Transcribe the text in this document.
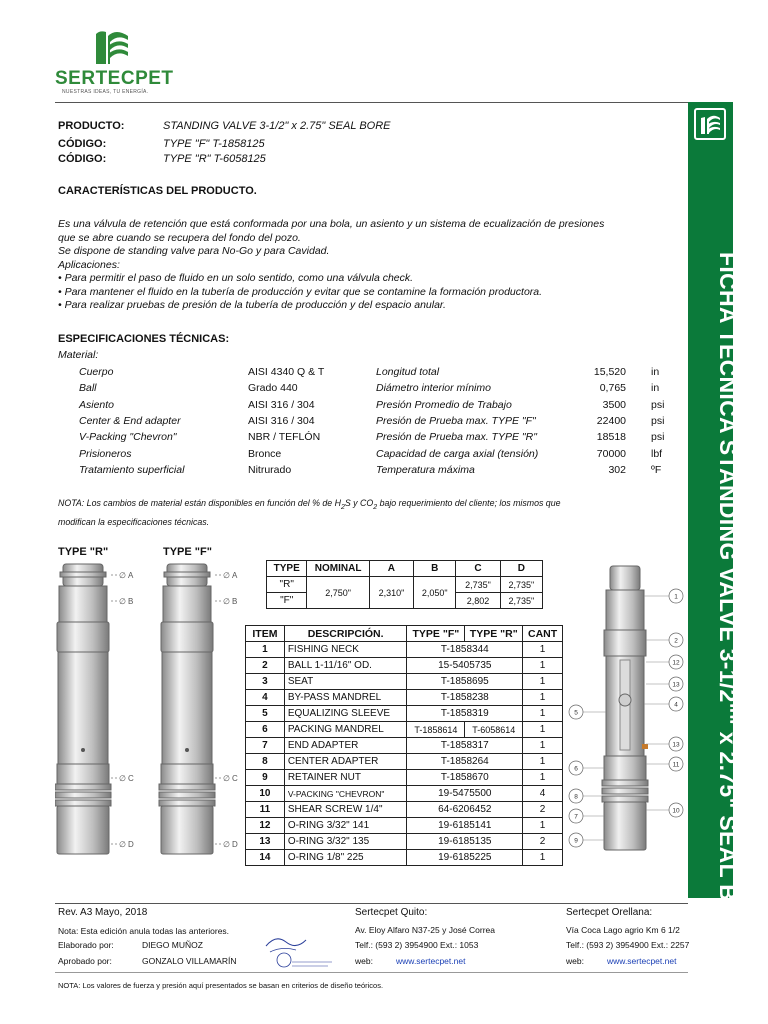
SERTECPET
NUESTRAS IDEAS, TU ENERGÍA.
FICHA TÉCNICA STANDING VALVE 3-1/2"" x 2.75" SEAL BORE
PRODUCTO:	STANDING VALVE 3-1/2" x 2.75" SEAL BORE
CÓDIGO:	TYPE "F" T-1858125
CÓDIGO:	TYPE "R" T-6058125
CARACTERÍSTICAS DEL PRODUCTO.
Es una válvula de retención que está conformada por una bola, un asiento y un sistema de ecualización de presiones
que se abre cuando se recupera del fondo del pozo.
Se dispone de standing valve para No-Go y para Cavidad.
Aplicaciones:
• Para permitir el paso de fluido en un solo sentido, como una válvula check.
• Para mantener el fluido en la tubería de producción y evitar que se contamine la formación productora.
• Para realizar pruebas de presión de la tubería de producción y del espacio anular.
ESPECIFICACIONES TÉCNICAS:
Material:
Cuerpo	AISI 4340 Q & T	Longitud total	15,520 in
Ball	Grado 440	Diámetro interior mínimo	0,765 in
Asiento	AISI 316 / 304	Presión Promedio de Trabajo	3500 psi
Center & End adapter	AISI 316 / 304	Presión de Prueba max. TYPE "F"	22400 psi
V-Packing "Chevron"	NBR / TEFLÓN	Presión de Prueba max. TYPE "R"	18518 psi
Prisioneros	Bronce	Capacidad de carga axial (tensión)	70000 lbf
Tratamiento superficial	Nitrurado	Temperatura máxima	302 ºF
NOTA: Los cambios de material están disponibles en función del % de $H_2S$ y $CO_2$ bajo requerimiento del cliente; los mismos que
modifican la especificaciones técnicas.
TYPE "R"	TYPE "F"
∅ A
∅ B
∅ C
∅ D
∅ A
∅ B
∅ C
∅ D
TYPE	NOMINAL	A	B	C	D
"R"	2,750"	2,310"	2,050"	2,735"	2,735"
"F"				2,802	2,735"
ITEM	DESCRIPCIÓN.	TYPE "F"	TYPE "R"	CANT
1	FISHING NECK	T-1858344		1
2	BALL 1-11/16" OD.	15-5405735		1
3	SEAT	T-1858695		1
4	BY-PASS MANDREL	T-1858238		1
5	EQUALIZING SLEEVE	T-1858319		1
6	PACKING MANDREL	T-1858614	T-6058614	1
7	END ADAPTER	T-1858317		1
8	CENTER ADAPTER	T-1858264		1
9	RETAINER NUT	T-1858670		1
10	V-PACKING "CHEVRON"	19-5475500		4
11	SHEAR SCREW 1/4"	64-6206452		2
12	O-RING 3/32" 141	19-6185141		1
13	O-RING 3/32" 135	19-6185135		2
14	O-RING 1/8" 225	19-6185225		1
1
2
12
13
4
13
11
10
5
6
8
7
9
Rev. A3 Mayo, 2018
Nota: Esta edición anula todas las anteriores.
Elaborado por:	DIEGO MUÑOZ
Aprobado por:	GONZALO VILLAMARÍN
Sertecpet Quito:
Av. Eloy Alfaro N37-25 y José Correa
Telf.: (593 2) 3954900 Ext.: 1053
web:	www.sertecpet.net
Sertecpet Orellana:
Vía Coca Lago agrio Km 6 1/2
Telf.: (593 2) 3954900 Ext.: 2257
web:	www.sertecpet.net
NOTA: Los valores de fuerza y presión aquí presentados se basan en criterios de diseño teóricos.
